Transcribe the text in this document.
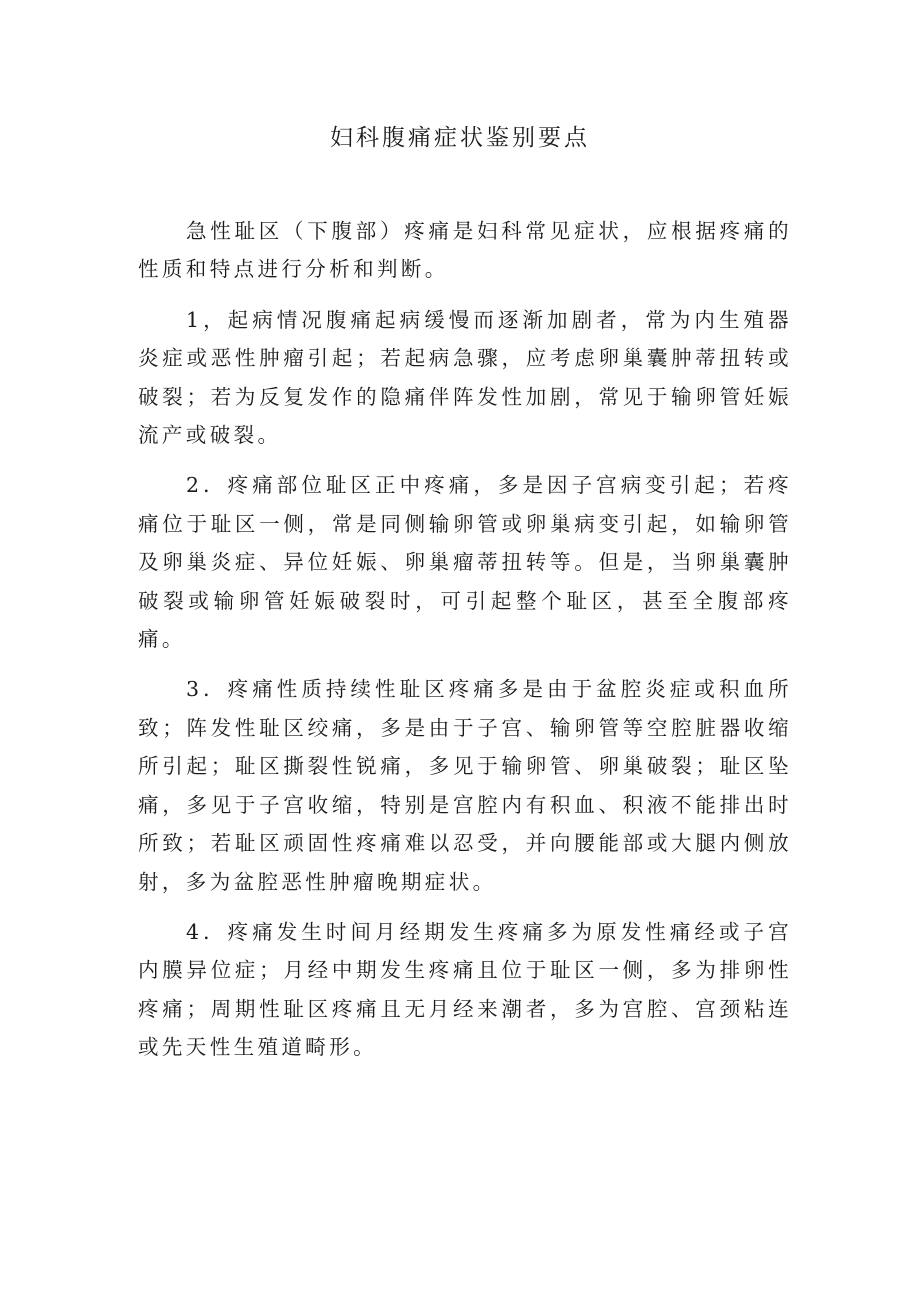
妇科腹痛症状鉴别要点

急性耻区（下腹部）疼痛是妇科常见症状，应根据疼痛的性质和特点进行分析和判断。

1，起病情况腹痛起病缓慢而逐渐加剧者，常为内生殖器炎症或恶性肿瘤引起；若起病急骤，应考虑卵巢囊肿蒂扭转或破裂；若为反复发作的隐痛伴阵发性加剧，常见于输卵管妊娠流产或破裂。

2．疼痛部位耻区正中疼痛，多是因子宫病变引起；若疼痛位于耻区一侧，常是同侧输卵管或卵巢病变引起，如输卵管及卵巢炎症、异位妊娠、卵巢瘤蒂扭转等。但是，当卵巢囊肿破裂或输卵管妊娠破裂时，可引起整个耻区，甚至全腹部疼痛。

3．疼痛性质持续性耻区疼痛多是由于盆腔炎症或积血所致；阵发性耻区绞痛，多是由于子宫、输卵管等空腔脏器收缩所引起；耻区撕裂性锐痛，多见于输卵管、卵巢破裂；耻区坠痛，多见于子宫收缩，特别是宫腔内有积血、积液不能排出时所致；若耻区顽固性疼痛难以忍受，并向腰能部或大腿内侧放射，多为盆腔恶性肿瘤晚期症状。

4．疼痛发生时间月经期发生疼痛多为原发性痛经或子宫内膜异位症；月经中期发生疼痛且位于耻区一侧，多为排卵性疼痛；周期性耻区疼痛且无月经来潮者，多为宫腔、宫颈粘连或先天性生殖道畸形。
